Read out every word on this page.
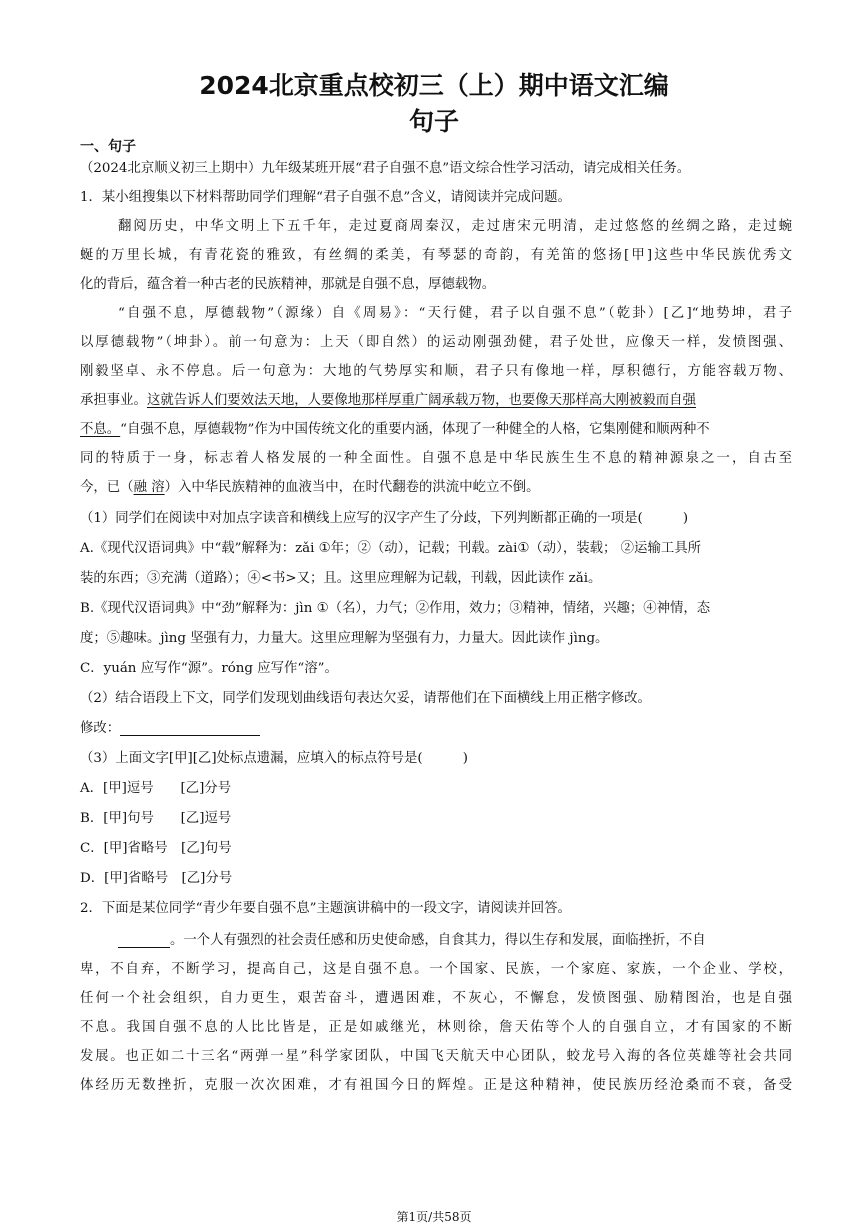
2024北京重点校初三（上）期中语文汇编
句子
一、句子
（2024北京顺义初三上期中）九年级某班开展“君子自强不息”语文综合性学习活动，请完成相关任务。
1．某小组搜集以下材料帮助同学们理解“君子自强不息”含义，请阅读并完成问题。
翻阅历史，中华文明上下五千年，走过夏商周秦汉，走过唐宋元明清，走过悠悠的丝绸之路，走过蜿
蜒的万里长城，有青花瓷的雅致，有丝绸的柔美，有琴瑟的奇韵，有羌笛的悠扬[甲]这些中华民族优秀文
化的背后，蕴含着一种古老的民族精神，那就是自强不息，厚德载物。
“自强不息，厚德载物”（源缘）自《周易》：“天行健，君子以自强不息”（乾卦）[乙]“地势坤，君子
以厚德载物”（坤卦）。前一句意为：上天（即自然）的运动刚强劲健，君子处世，应像天一样，发愤图强、
刚毅坚卓、永不停息。后一句意为：大地的气势厚实和顺，君子只有像地一样，厚积德行，方能容载万物、
承担事业。这就告诉人们要效法天地，人要像地那样厚重广阔承载万物，也要像天那样高大刚被毅而自强
不息。“自强不息，厚德载物”作为中国传统文化的重要内涵，体现了一种健全的人格，它集刚健和顺两种不
同的特质于一身，标志着人格发展的一种全面性。自强不息是中华民族生生不息的精神源泉之一，自古至
今，已（融 溶）入中华民族精神的血液当中，在时代翻卷的洪流中屹立不倒。
（1）同学们在阅读中对加点字读音和横线上应写的汉字产生了分歧，下列判断都正确的一项是(　　　)
A.《现代汉语词典》中“载”解释为：zǎi ①年；②（动），记载；刊载。zài①（动），装载； ②运输工具所
装的东西；③充满（道路）；④<书>又；且。这里应理解为记载，刊载，因此读作 zǎi。
B.《现代汉语词典》中“劲”解释为：jìn ①（名），力气；②作用，效力；③精神，情绪，兴趣；④神情，态
度；⑤趣味。jìng 坚强有力，力量大。这里应理解为坚强有力，力量大。因此读作 jìng。
C．yuán 应写作“源”。róng 应写作“溶”。
（2）结合语段上下文，同学们发现划曲线语句表达欠妥，请帮他们在下面横线上用正楷字修改。
修改：
（3）上面文字[甲][乙]处标点遗漏，应填入的标点符号是(　　　)
A．[甲]逗号　　[乙]分号
B．[甲]句号　　[乙]逗号
C．[甲]省略号　[乙]句号
D．[甲]省略号　[乙]分号
2．下面是某位同学“青少年要自强不息”主题演讲稿中的一段文字，请阅读并回答。
。一个人有强烈的社会责任感和历史使命感，自食其力，得以生存和发展，面临挫折，不自
卑，不自弃，不断学习，提高自己，这是自强不息。一个国家、民族，一个家庭、家族，一个企业、学校，
任何一个社会组织，自力更生，艰苦奋斗，遭遇困难，不灰心，不懈怠，发愤图强、励精图治，也是自强
不息。我国自强不息的人比比皆是，正是如戚继光，林则徐，詹天佑等个人的自强自立，才有国家的不断
发展。也正如二十三名“两弹一星”科学家团队，中国飞天航天中心团队，蛟龙号入海的各位英雄等社会共同
体经历无数挫折，克服一次次困难，才有祖国今日的辉煌。正是这种精神，使民族历经沧桑而不衰，备受
第1页/共58页
